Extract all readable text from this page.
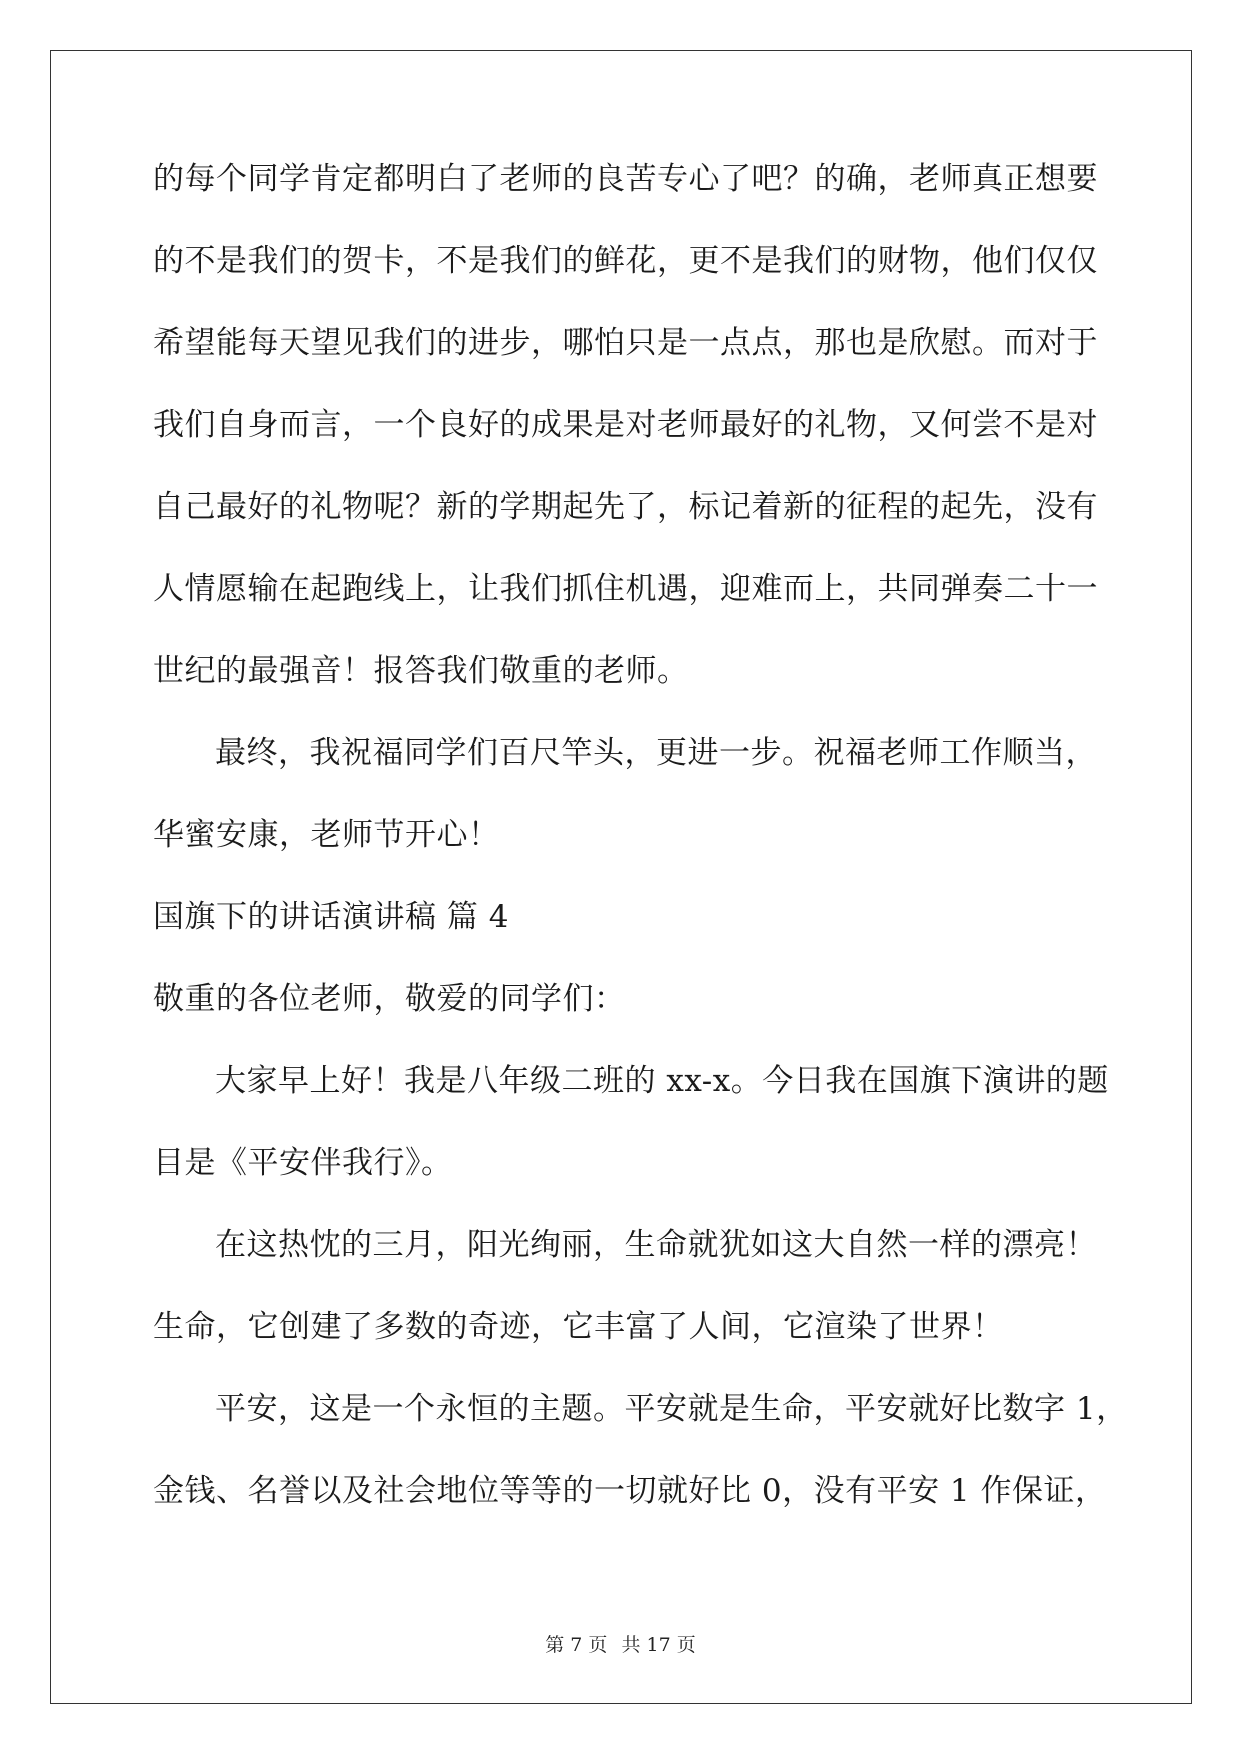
的每个同学肯定都明白了老师的良苦专心了吧？的确，老师真正想要
的不是我们的贺卡，不是我们的鲜花，更不是我们的财物，他们仅仅
希望能每天望见我们的进步，哪怕只是一点点，那也是欣慰。而对于
我们自身而言，一个良好的成果是对老师最好的礼物，又何尝不是对
自己最好的礼物呢？新的学期起先了，标记着新的征程的起先，没有
人情愿输在起跑线上，让我们抓住机遇，迎难而上，共同弹奏二十一
世纪的最强音！报答我们敬重的老师。
最终，我祝福同学们百尺竿头，更进一步。祝福老师工作顺当，
华蜜安康，老师节开心！
国旗下的讲话演讲稿 篇 4
敬重的各位老师，敬爱的同学们：
大家早上好！我是八年级二班的 xx-x。今日我在国旗下演讲的题
目是《平安伴我行》。
在这热忱的三月，阳光绚丽，生命就犹如这大自然一样的漂亮！
生命，它创建了多数的奇迹，它丰富了人间，它渲染了世界！
平安，这是一个永恒的主题。平安就是生命，平安就好比数字 1，
金钱、名誉以及社会地位等等的一切就好比 0，没有平安 1 作保证，
第 7 页 共 17 页
